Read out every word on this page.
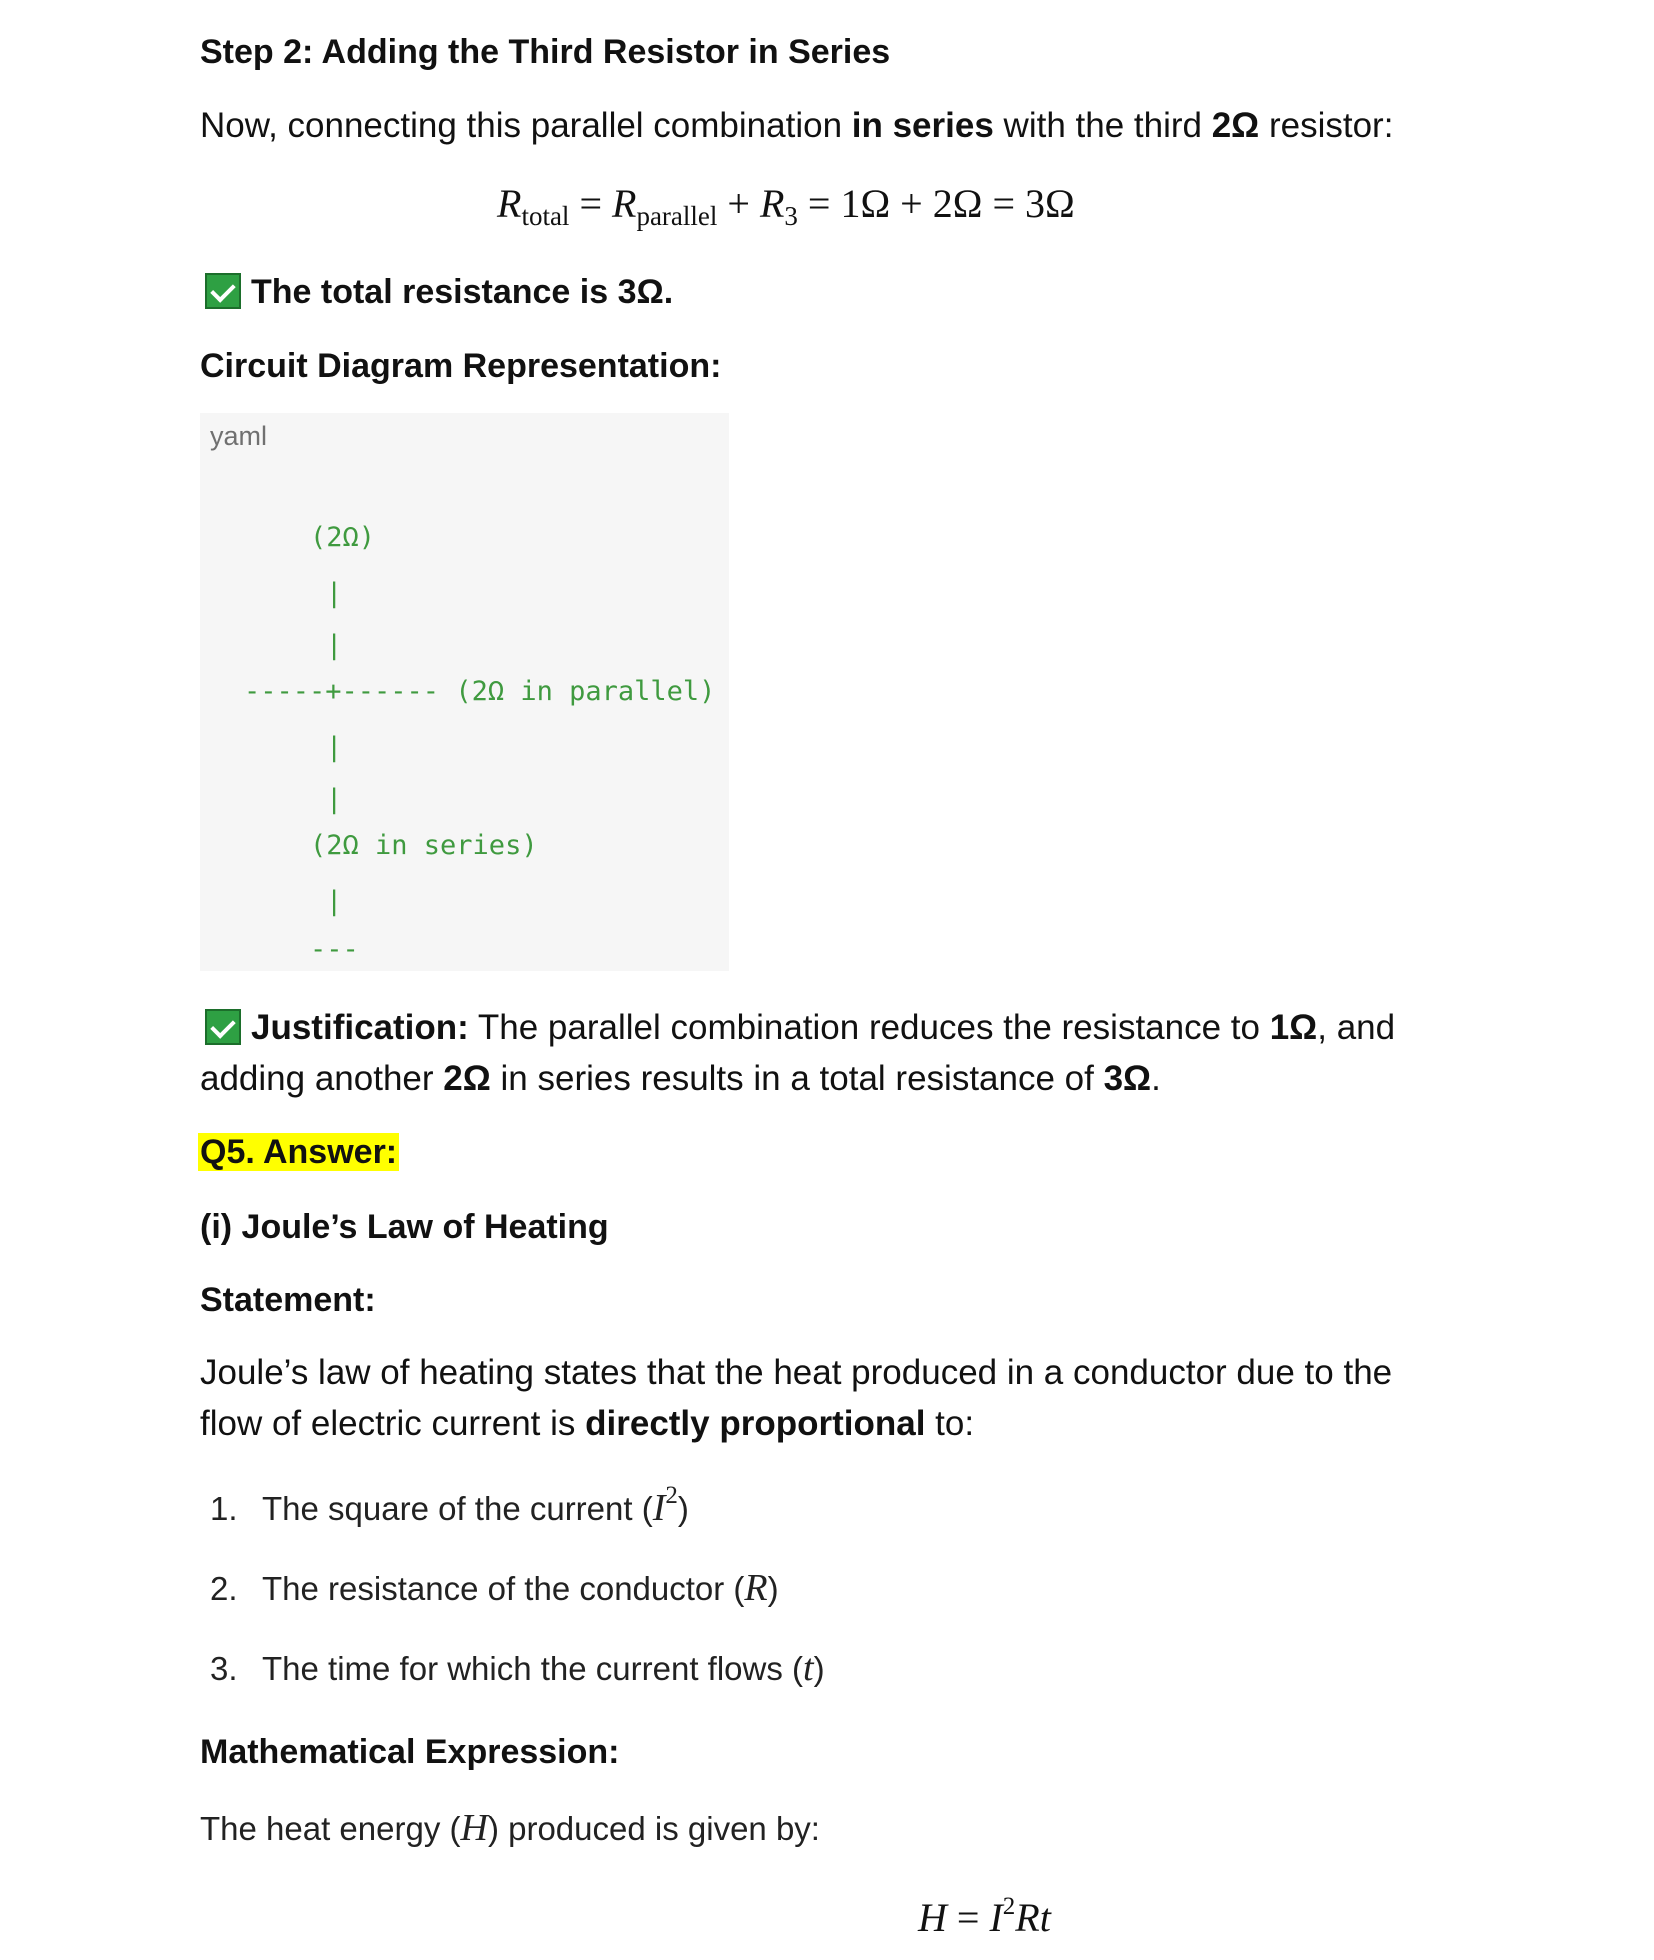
Step 2: Adding the Third Resistor in Series
Now, connecting this parallel combination in series with the third 2Ω resistor:
$R_{total} = R_{parallel} + R_3 = 1\Omega + 2\Omega = 3\Omega$
The total resistance is 3Ω.
Circuit Diagram Representation:
yaml
(2Ω)
|
|
-----+------ (2Ω in parallel)
|
|
(2Ω in series)
|
---
Justification: The parallel combination reduces the resistance to 1Ω, and
adding another 2Ω in series results in a total resistance of 3Ω.
Q5. Answer:
(i) Joule’s Law of Heating
Statement:
Joule’s law of heating states that the heat produced in a conductor due to the
flow of electric current is directly proportional to:
1. The square of the current $(I^2)$
2. The resistance of the conductor (R)
3. The time for which the current flows (t)
Mathematical Expression:
The heat energy (H) produced is given by:
$H = I^2Rt$
